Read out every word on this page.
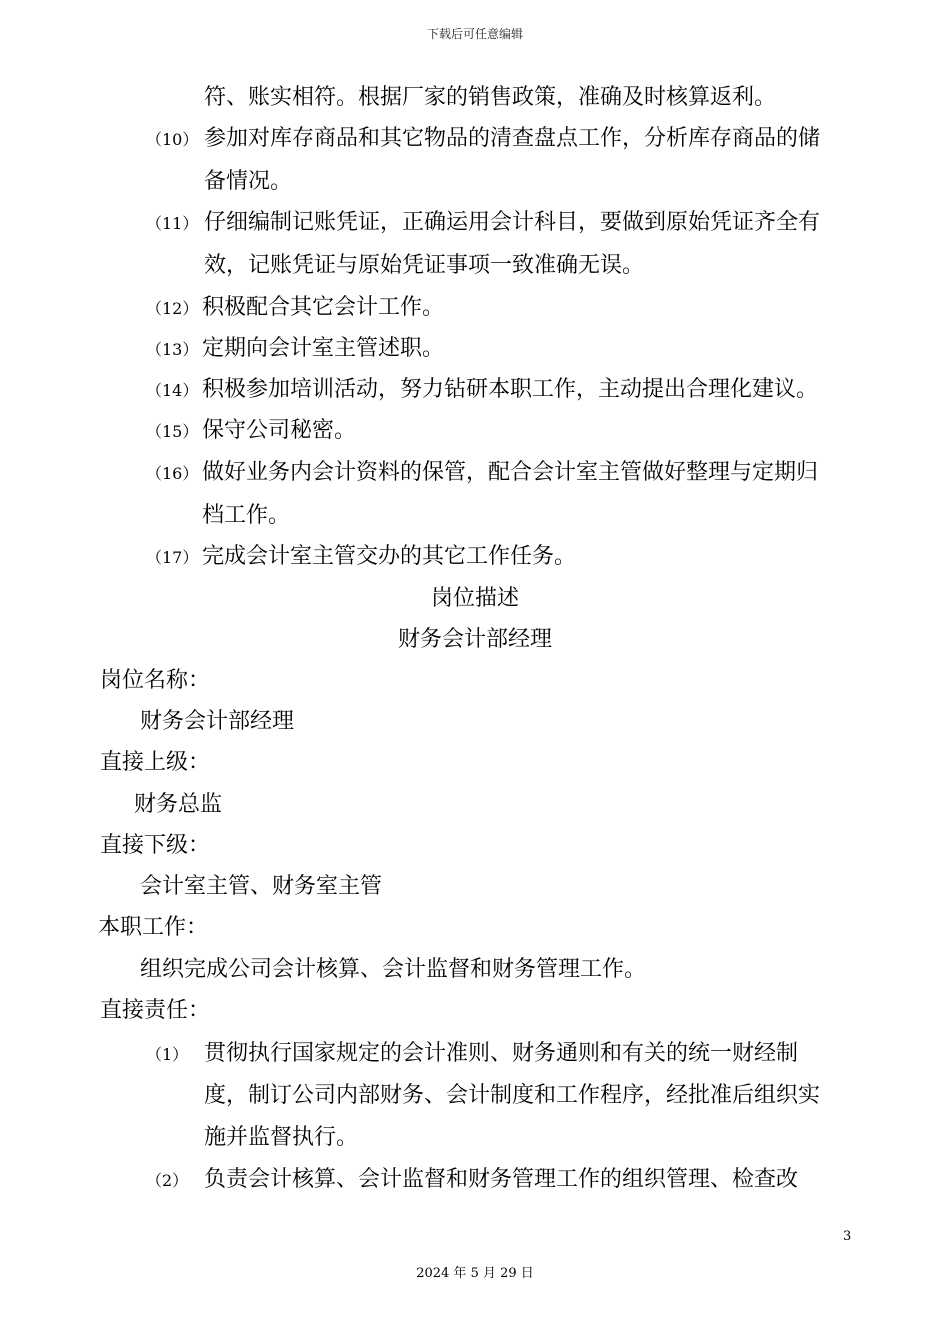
下载后可任意编辑
符、账实相符。根据厂家的销售政策，准确及时核算返利。
（10） 参加对库存商品和其它物品的清查盘点工作，分析库存商品的储
备情况。
（11） 仔细编制记账凭证，正确运用会计科目，要做到原始凭证齐全有
效，记账凭证与原始凭证事项一致准确无误。
（12） 积极配合其它会计工作。
（13） 定期向会计室主管述职。
（14） 积极参加培训活动，努力钻研本职工作，主动提出合理化建议。
（15） 保守公司秘密。
（16） 做好业务内会计资料的保管，配合会计室主管做好整理与定期归
档工作。
（17） 完成会计室主管交办的其它工作任务。
岗位描述
财务会计部经理
岗位名称：
财务会计部经理
直接上级：
财务总监
直接下级：
会计室主管、财务室主管
本职工作：
组织完成公司会计核算、会计监督和财务管理工作。
直接责任：
（1） 贯彻执行国家规定的会计准则、财务通则和有关的统一财经制
度，制订公司内部财务、会计制度和工作程序，经批准后组织实
施并监督执行。
（2） 负责会计核算、会计监督和财务管理工作的组织管理、检查改
3
2024 年 5 月 29 日
